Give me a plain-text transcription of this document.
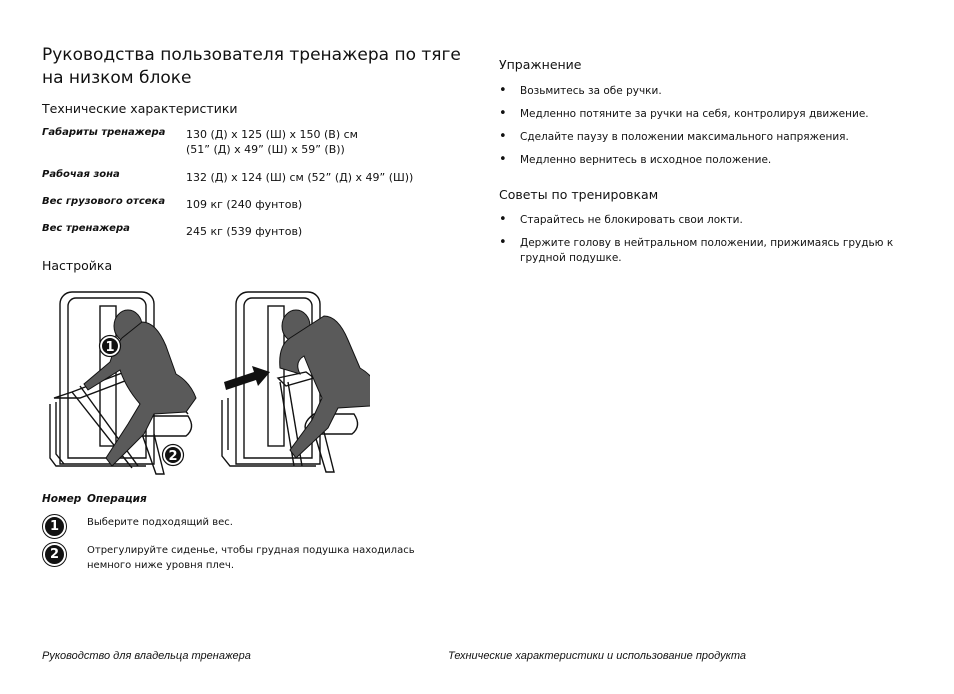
Руководства пользователя тренажера по тяге на низком блоке
Технические характеристики
Габариты тренажера	130 (Д) x 125 (Ш) x 150 (В) см
(51” (Д) x 49” (Ш) x 59” (В))
Рабочая зона	132 (Д) x 124 (Ш) см (52” (Д) x 49” (Ш))
Вес грузового отсека	109 кг (240 фунтов)
Вес тренажера	245 кг (539 фунтов)
Настройка
1
2
Номер Операция
1	Выберите подходящий вес.
2	Отрегулируйте сиденье, чтобы грудная подушка находилась немного ниже уровня плеч.
Упражнение
• Возьмитесь за обе ручки.
• Медленно потяните за ручки на себя, контролируя движение.
• Сделайте паузу в положении максимального напряжения.
• Медленно вернитесь в исходное положение.
Советы по тренировкам
• Старайтесь не блокировать свои локти.
• Держите голову в нейтральном положении, прижимаясь грудью к грудной подушке.
Руководство для владельца тренажера	Технические характеристики и использование продукта
